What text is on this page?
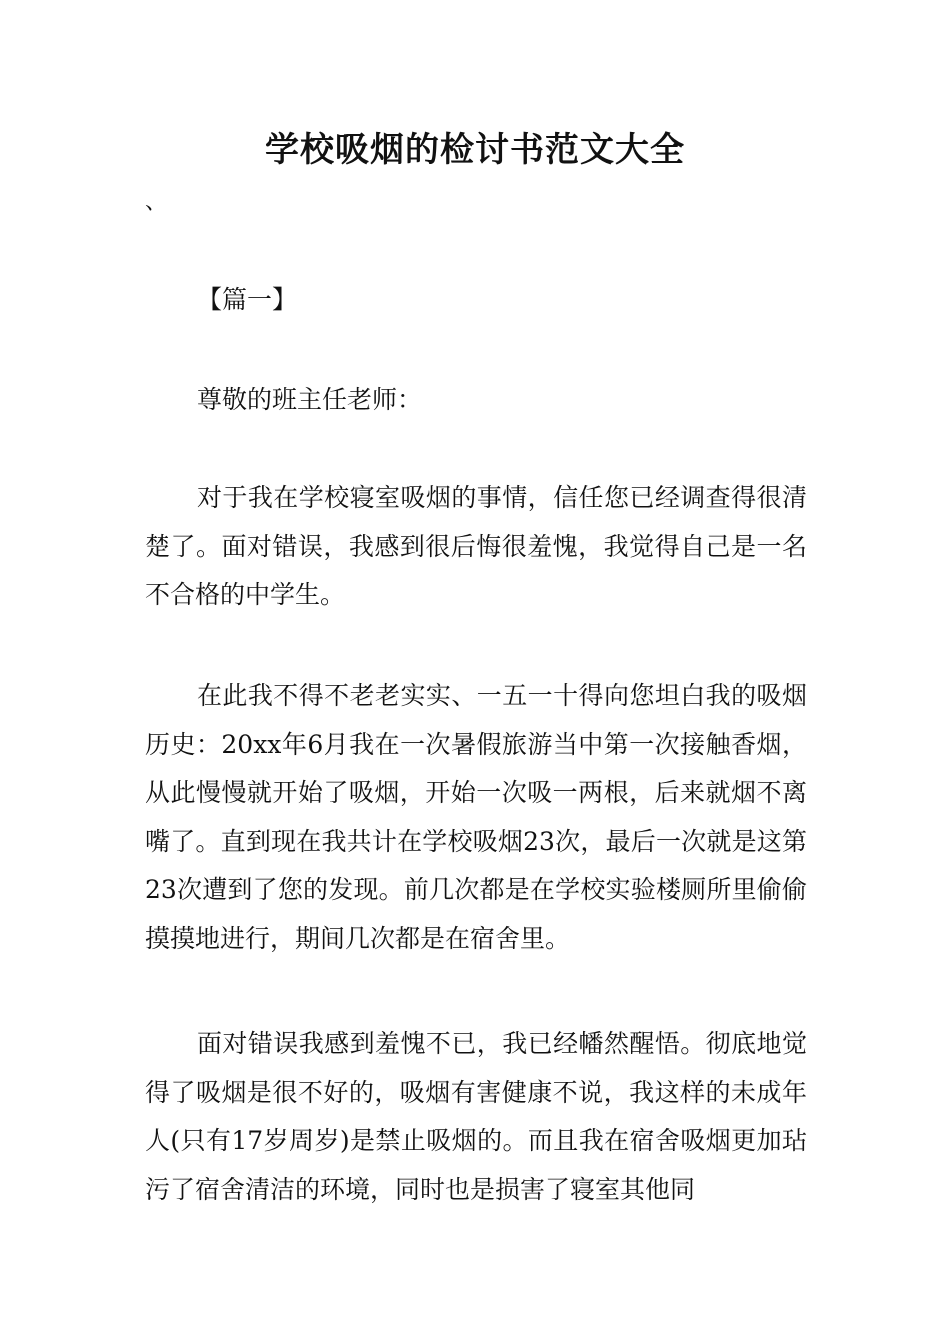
学校吸烟的检讨书范文大全
、

【篇一】

尊敬的班主任老师：

对于我在学校寝室吸烟的事情，信任您已经调查得很清楚了。面对错误，我感到很后悔很羞愧，我觉得自己是一名不合格的中学生。

在此我不得不老老实实、一五一十得向您坦白我的吸烟历史：20xx年6月我在一次暑假旅游当中第一次接触香烟，从此慢慢就开始了吸烟，开始一次吸一两根，后来就烟不离嘴了。直到现在我共计在学校吸烟23次，最后一次就是这第23次遭到了您的发现。前几次都是在学校实验楼厕所里偷偷摸摸地进行，期间几次都是在宿舍里。

面对错误我感到羞愧不已，我已经幡然醒悟。彻底地觉得了吸烟是很不好的，吸烟有害健康不说，我这样的未成年人(只有17岁周岁)是禁止吸烟的。而且我在宿舍吸烟更加玷污了宿舍清洁的环境，同时也是损害了寝室其他同
